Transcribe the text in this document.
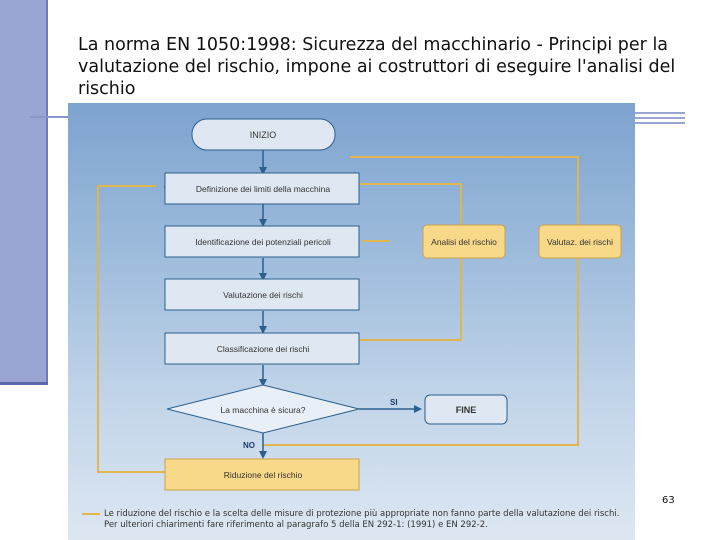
La norma EN 1050:1998: Sicurezza del macchinario - Principi per la valutazione del rischio, impone ai costruttori di eseguire l'analisi del rischio
INIZIO
Definizione dei limiti della macchina
Identificazione dei potenziali pericoli
Valutazione dei rischi
Classificazione dei rischi
La macchina è sicura?
SI
NO
FINE
Riduzione del rischio
Analisi del rischio	Valutaz. dei rischi
Le riduzione del rischio e la scelta delle misure di protezione più appropriate non fanno parte della valutazione dei rischi. Per ulteriori chiarimenti fare riferimento al paragrafo 5 della EN 292-1: (1991) e EN 292-2.
63
